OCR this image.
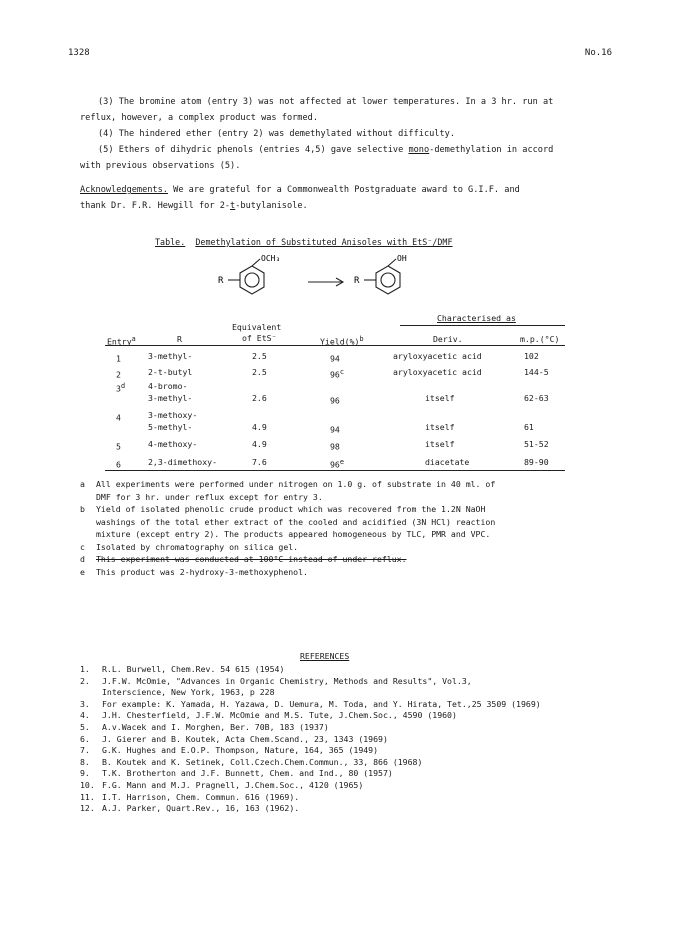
1328	No.16

(3) The bromine atom (entry 3) was not affected at lower temperatures. In a 3 hr. run at

reflux, however, a complex product was formed.

(4) The hindered ether (entry 2) was demethylated without difficulty.

(5) Ethers of dihydric phenols (entries 4,5) gave selective mono-demethylation in accord

with previous observations (5).

Acknowledgements. We are grateful for a Commonwealth Postgraduate award to G.I.F. and

thank Dr. F.R. Hewgill for 2-t-butylanisole.

Table. Demethylation of Substituted Anisoles with EtS⁻/DMF
R
OCH₃
R
OH
Characterised as
Entry$^a$	R
Equivalent
of EtS⁻	Yield(%)$^b$	Deriv.	m.p.(°C)
1	3-methyl-	2.5	94	aryloxyacetic acid	102
2	2-t-butyl	2.5	96$^c$	aryloxyacetic acid	144-5
3$^d$	4-bromo-
3-methyl-	2.6	96	itself	62-63
4	3-methoxy-
5-methyl-	4.9	94	itself	61
5	4-methoxy-	4.9	98	itself	51-52
6	2,3-dimethoxy-	7.6	96e	diacetate	89-90
a All experiments were performed under nitrogen on 1.0 g. of substrate in 40 ml. of
DMF for 3 hr. under reflux except for entry 3.
b Yield of isolated phenolic crude product which was recovered from the 1.2N NaOH
washings of the total ether extract of the cooled and acidified (3N HCl) reaction
mixture (except entry 2). The products appeared homogeneous by TLC, PMR and VPC.
c Isolated by chromatography on silica gel.
d This experiment was conducted at 100°C instead of under reflux.
e This product was 2-hydroxy-3-methoxyphenol.
REFERENCES
1. R.L. Burwell, Chem.Rev. 54 615 (1954)
2. J.F.W. McOmie, "Advances in Organic Chemistry, Methods and Results", Vol.3,
Interscience, New York, 1963, p 228
3. For example: K. Yamada, H. Yazawa, D. Uemura, M. Toda, and Y. Hirata, Tet.,25 3509 (1969)
4. J.H. Chesterfield, J.F.W. McOmie and M.S. Tute, J.Chem.Soc., 4590 (1960)
5. A.v.Wacek and I. Morghen, Ber. 70B, 183 (1937)
6. J. Gierer and B. Koutek, Acta Chem.Scand., 23, 1343 (1969)
7. G.K. Hughes and E.O.P. Thompson, Nature, 164, 365 (1949)
8. B. Koutek and K. Setinek, Coll.Czech.Chem.Commun., 33, 866 (1968)
9. T.K. Brotherton and J.F. Bunnett, Chem. and Ind., 80 (1957)
10. F.G. Mann and M.J. Pragnell, J.Chem.Soc., 4120 (1965)
11. I.T. Harrison, Chem. Commun. 616 (1969).
12. A.J. Parker, Quart.Rev., 16, 163 (1962).
